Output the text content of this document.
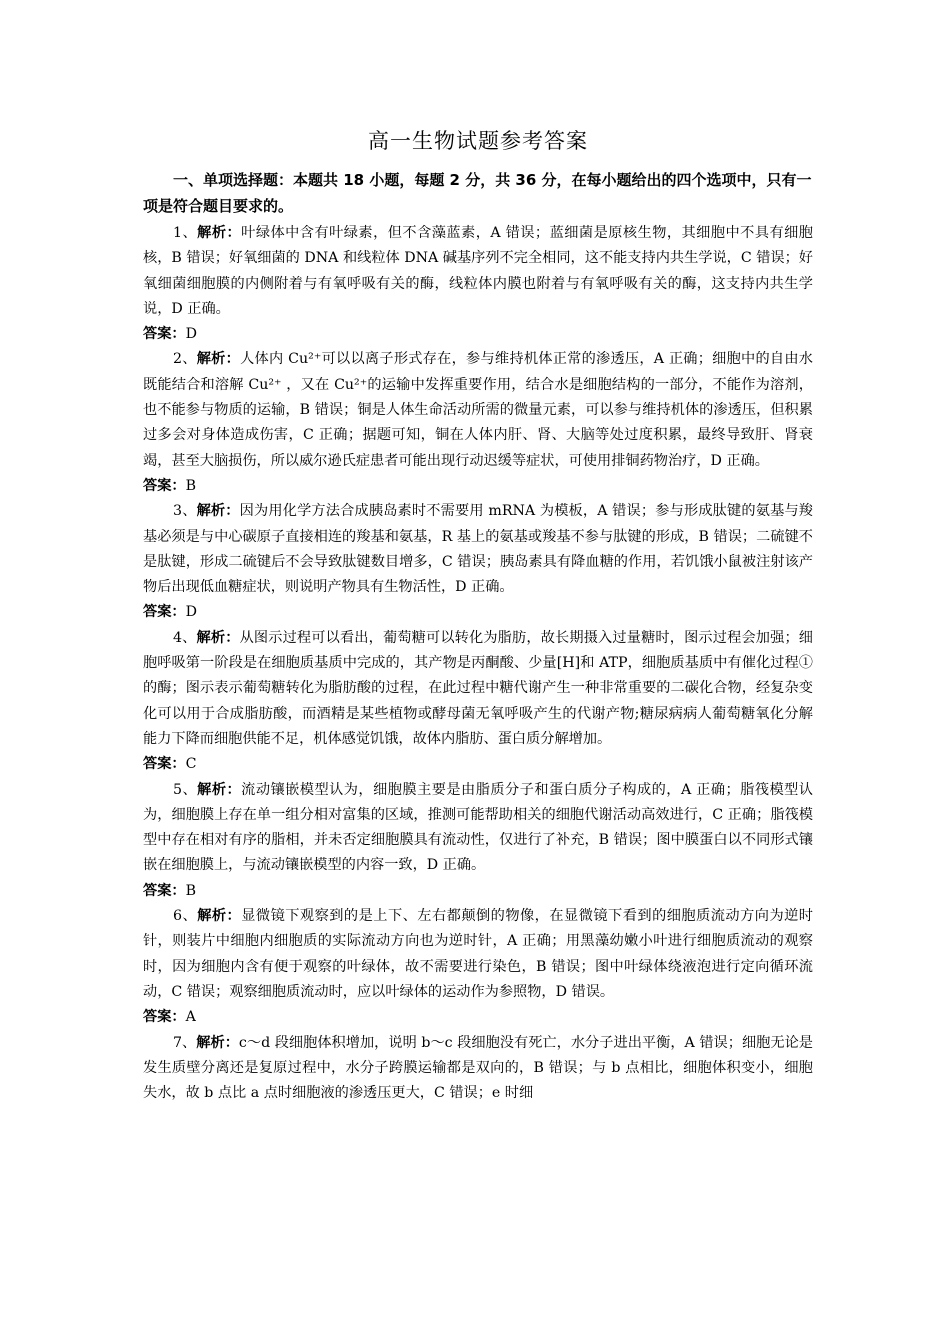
高一生物试题参考答案

一、单项选择题：本题共 18 小题，每题 2 分，共 36 分，在每小题给出的四个选项中，只有一项是符合题目要求的。

1、解析：叶绿体中含有叶绿素，但不含藻蓝素，A 错误；蓝细菌是原核生物，其细胞中不具有细胞核，B 错误；好氧细菌的 DNA 和线粒体 DNA 碱基序列不完全相同，这不能支持内共生学说，C 错误；好氧细菌细胞膜的内侧附着与有氧呼吸有关的酶，线粒体内膜也附着与有氧呼吸有关的酶，这支持内共生学说，D 正确。

答案：D

2、解析：人体内 Cu²⁺可以以离子形式存在，参与维持机体正常的渗透压，A 正确；细胞中的自由水既能结合和溶解 Cu²⁺ ，又在 Cu²⁺的运输中发挥重要作用，结合水是细胞结构的一部分，不能作为溶剂，也不能参与物质的运输，B 错误；铜是人体生命活动所需的微量元素，可以参与维持机体的渗透压，但积累过多会对身体造成伤害，C 正确；据题可知，铜在人体内肝、肾、大脑等处过度积累，最终导致肝、肾衰竭，甚至大脑损伤，所以威尔逊氏症患者可能出现行动迟缓等症状，可使用排铜药物治疗，D 正确。

答案：B

3、解析：因为用化学方法合成胰岛素时不需要用 mRNA 为模板，A 错误；参与形成肽键的氨基与羧基必须是与中心碳原子直接相连的羧基和氨基，R 基上的氨基或羧基不参与肽键的形成，B 错误；二硫键不是肽键，形成二硫键后不会导致肽键数目增多，C 错误；胰岛素具有降血糖的作用，若饥饿小鼠被注射该产物后出现低血糖症状，则说明产物具有生物活性，D 正确。

答案：D

4、解析：从图示过程可以看出，葡萄糖可以转化为脂肪，故长期摄入过量糖时，图示过程会加强；细胞呼吸第一阶段是在细胞质基质中完成的，其产物是丙酮酸、少量[H]和 ATP，细胞质基质中有催化过程①的酶；图示表示葡萄糖转化为脂肪酸的过程，在此过程中糖代谢产生一种非常重要的二碳化合物，经复杂变化可以用于合成脂肪酸，而酒精是某些植物或酵母菌无氧呼吸产生的代谢产物;糖尿病病人葡萄糖氧化分解能力下降而细胞供能不足，机体感觉饥饿，故体内脂肪、蛋白质分解增加。

答案：C

5、解析：流动镶嵌模型认为，细胞膜主要是由脂质分子和蛋白质分子构成的，A 正确；脂筏模型认为，细胞膜上存在单一组分相对富集的区域，推测可能帮助相关的细胞代谢活动高效进行，C 正确；脂筏模型中存在相对有序的脂相，并未否定细胞膜具有流动性，仅进行了补充，B 错误；图中膜蛋白以不同形式镶嵌在细胞膜上，与流动镶嵌模型的内容一致，D 正确。

答案：B

6、解析：显微镜下观察到的是上下、左右都颠倒的物像，在显微镜下看到的细胞质流动方向为逆时针，则装片中细胞内细胞质的实际流动方向也为逆时针，A 正确；用黑藻幼嫩小叶进行细胞质流动的观察时，因为细胞内含有便于观察的叶绿体，故不需要进行染色，B 错误；图中叶绿体绕液泡进行定向循环流动，C 错误；观察细胞质流动时，应以叶绿体的运动作为参照物，D 错误。

答案：A

7、解析：c～d 段细胞体积增加，说明 b～c 段细胞没有死亡，水分子进出平衡，A 错误；细胞无论是发生质壁分离还是复原过程中，水分子跨膜运输都是双向的，B 错误；与 b 点相比，细胞体积变小，细胞失水，故 b 点比 a 点时细胞液的渗透压更大，C 错误；e 时细
